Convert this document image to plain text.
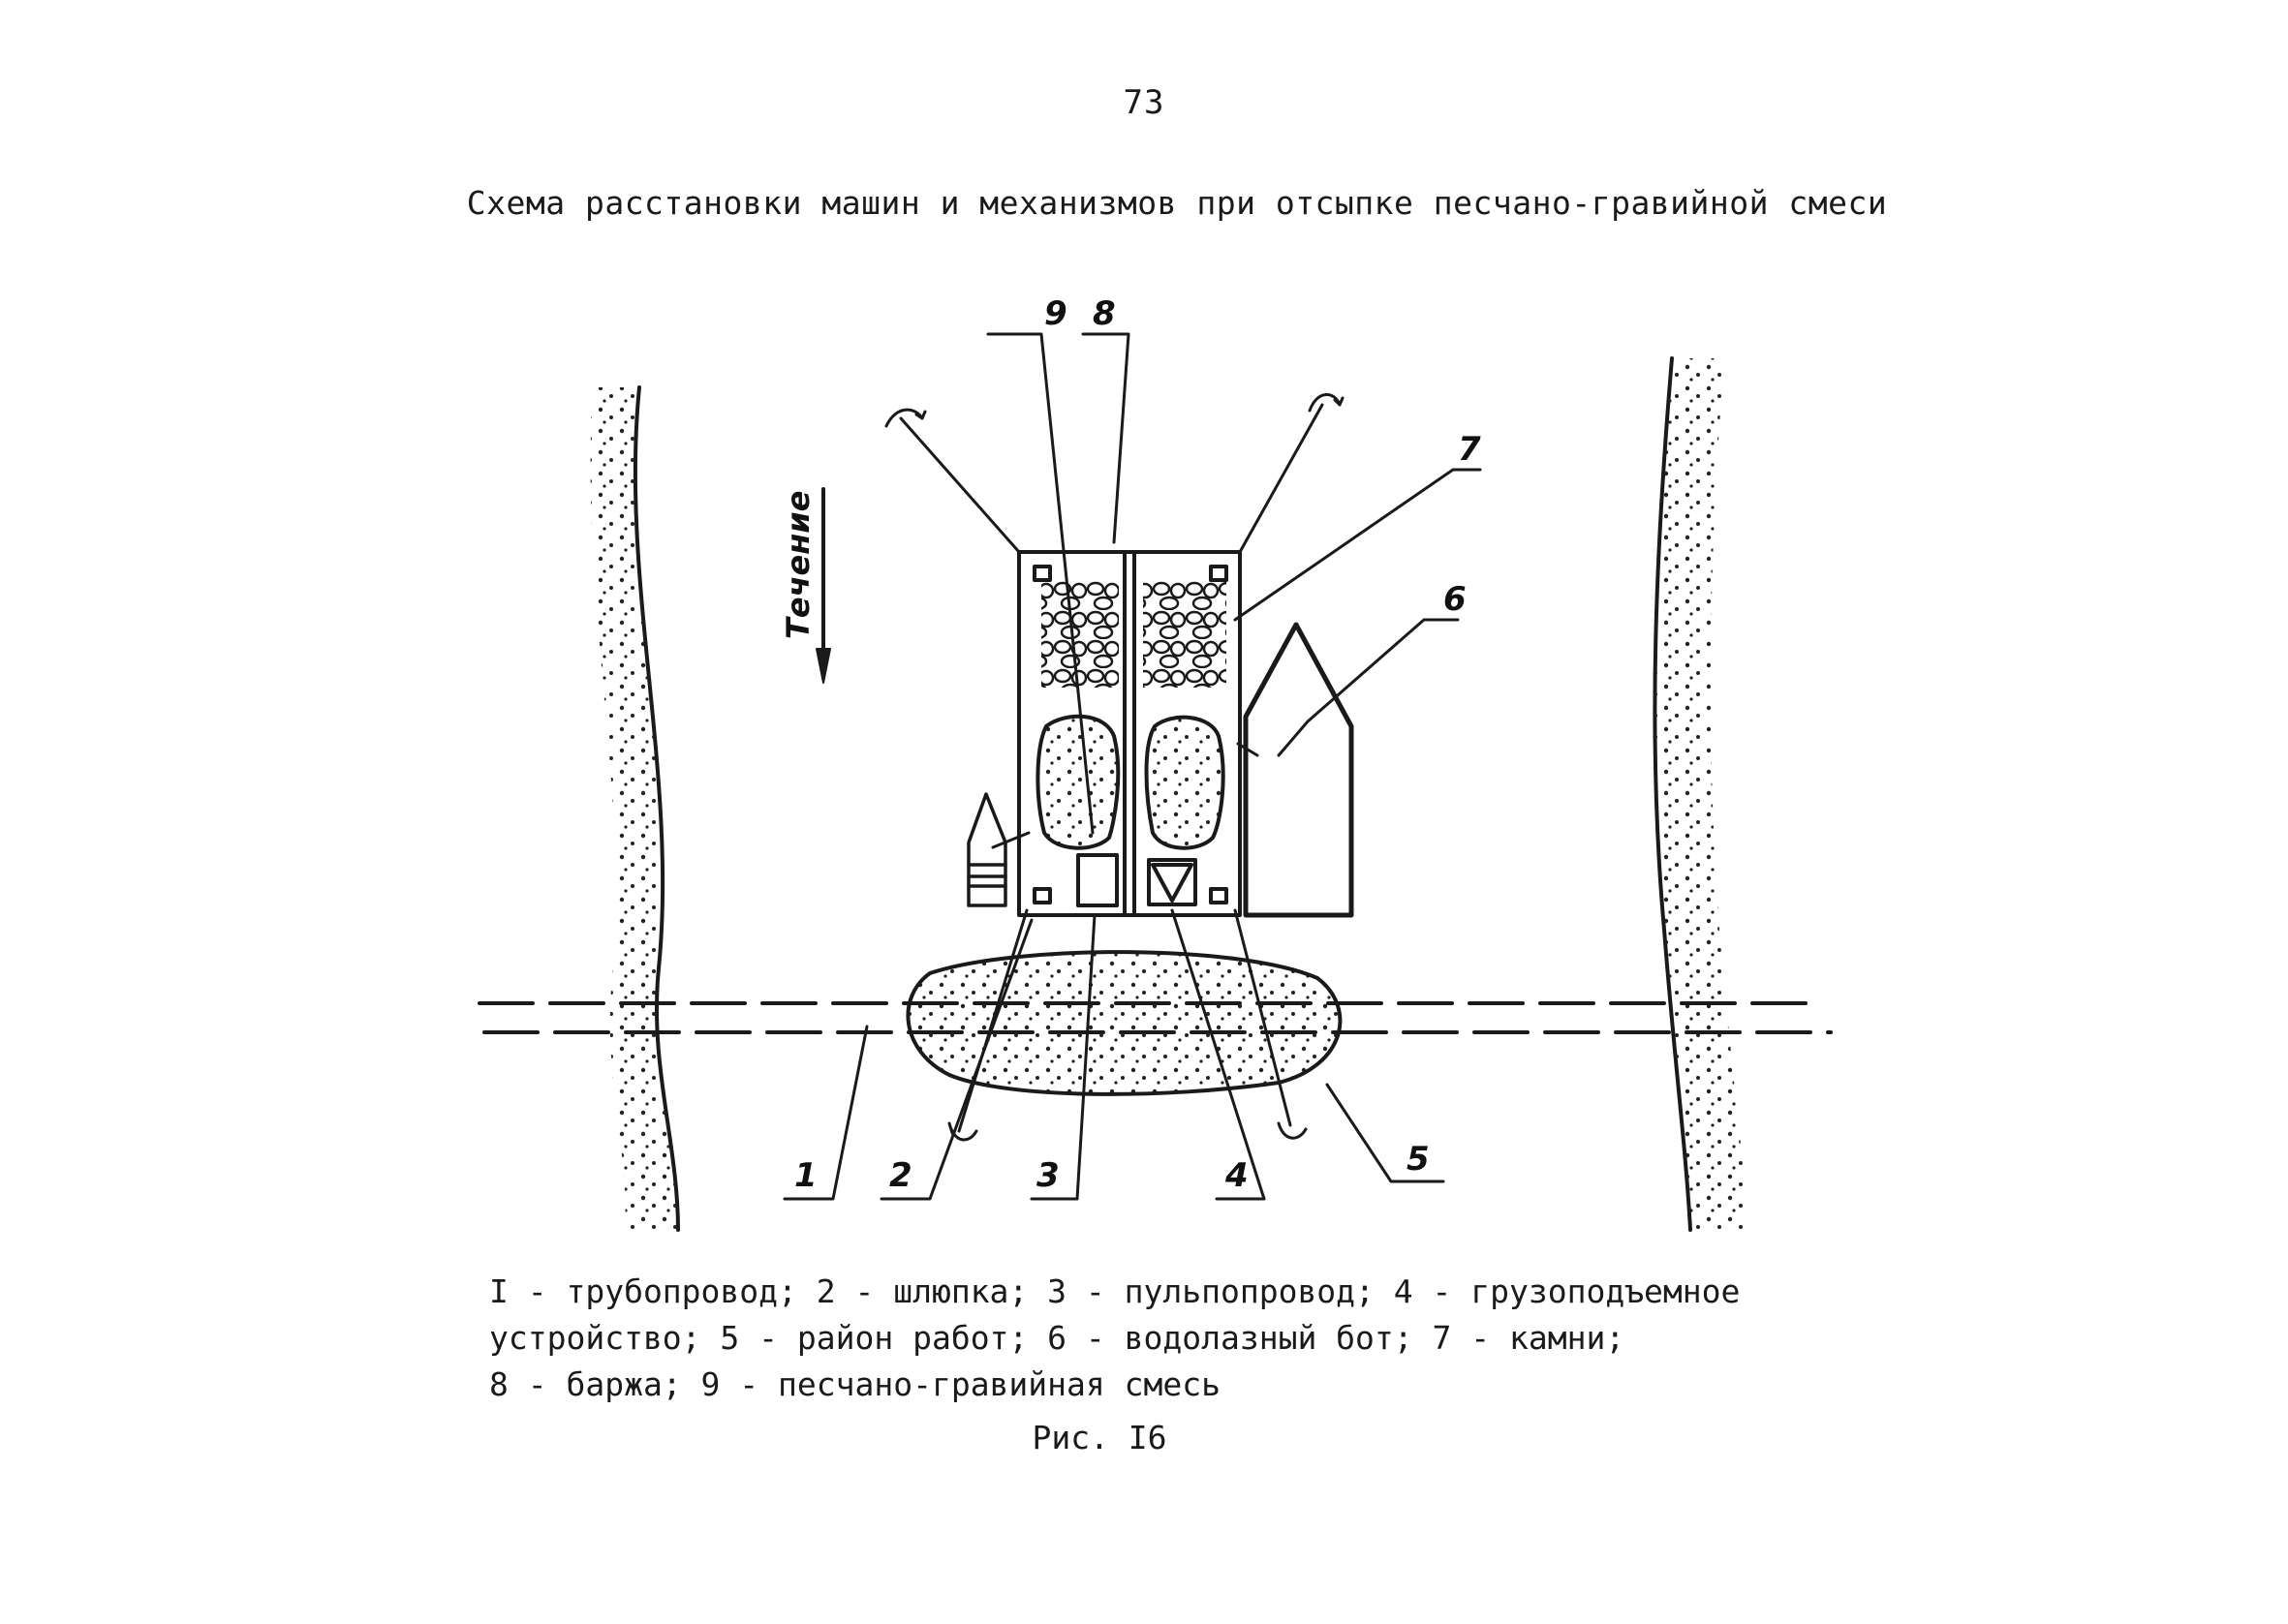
73
Схема расстановки машин и механизмов при отсыпке песчано-гравийной смеси
Течение
9 8
7
6
1 2	3	4	5
I - трубопровод; 2 - шлюпка; 3 - пульпопровод; 4 - грузоподъемное
устройство; 5 - район работ; 6 - водолазный бот; 7 - камни;
8 - баржа; 9 - песчано-гравийная смесь
Рис. I6
